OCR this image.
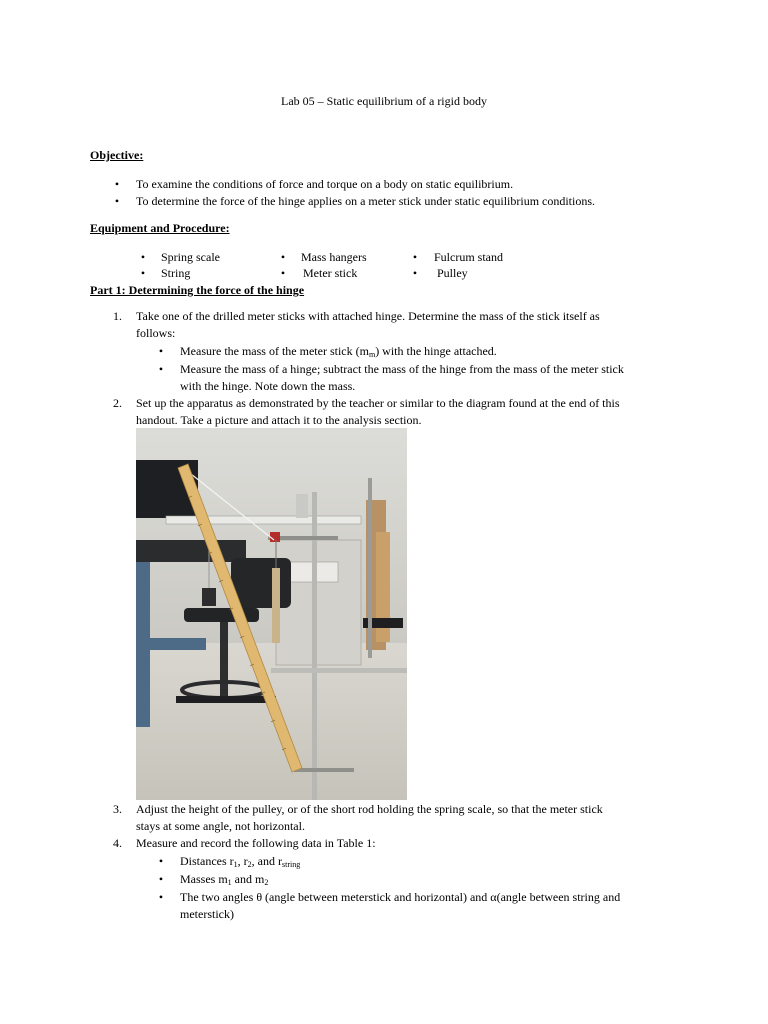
Lab 05 – Static equilibrium of a rigid body
Objective:
• To examine the conditions of force and torque on a body on static equilibrium.
• To determine the force of the hinge applies on a meter stick under static equilibrium conditions.
Equipment and Procedure:
• Spring scale	• Mass hangers	• Fulcrum stand
• String	• Meter stick	• Pulley
Part 1: Determining the force of the hinge
1. Take one of the drilled meter sticks with attached hinge. Determine the mass of the stick itself as
follows:
• Measure the mass of the meter stick $(m_m)$ with the hinge attached.
• Measure the mass of a hinge; subtract the mass of the hinge from the mass of the meter stick
with the hinge. Note down the mass.
2. Set up the apparatus as demonstrated by the teacher or similar to the diagram found at the end of this
handout. Take a picture and attach it to the analysis section.
3. Adjust the height of the pulley, or of the short rod holding the spring scale, so that the meter stick
stays at some angle, not horizontal.
4. Measure and record the following data in Table 1:
• Distances $r_1$, $r_2$, and $r_{string}$
• Masses $m_1$ and $m_2$
• The two angles θ (angle between meterstick and horizontal) and α(angle between string and
meterstick)
